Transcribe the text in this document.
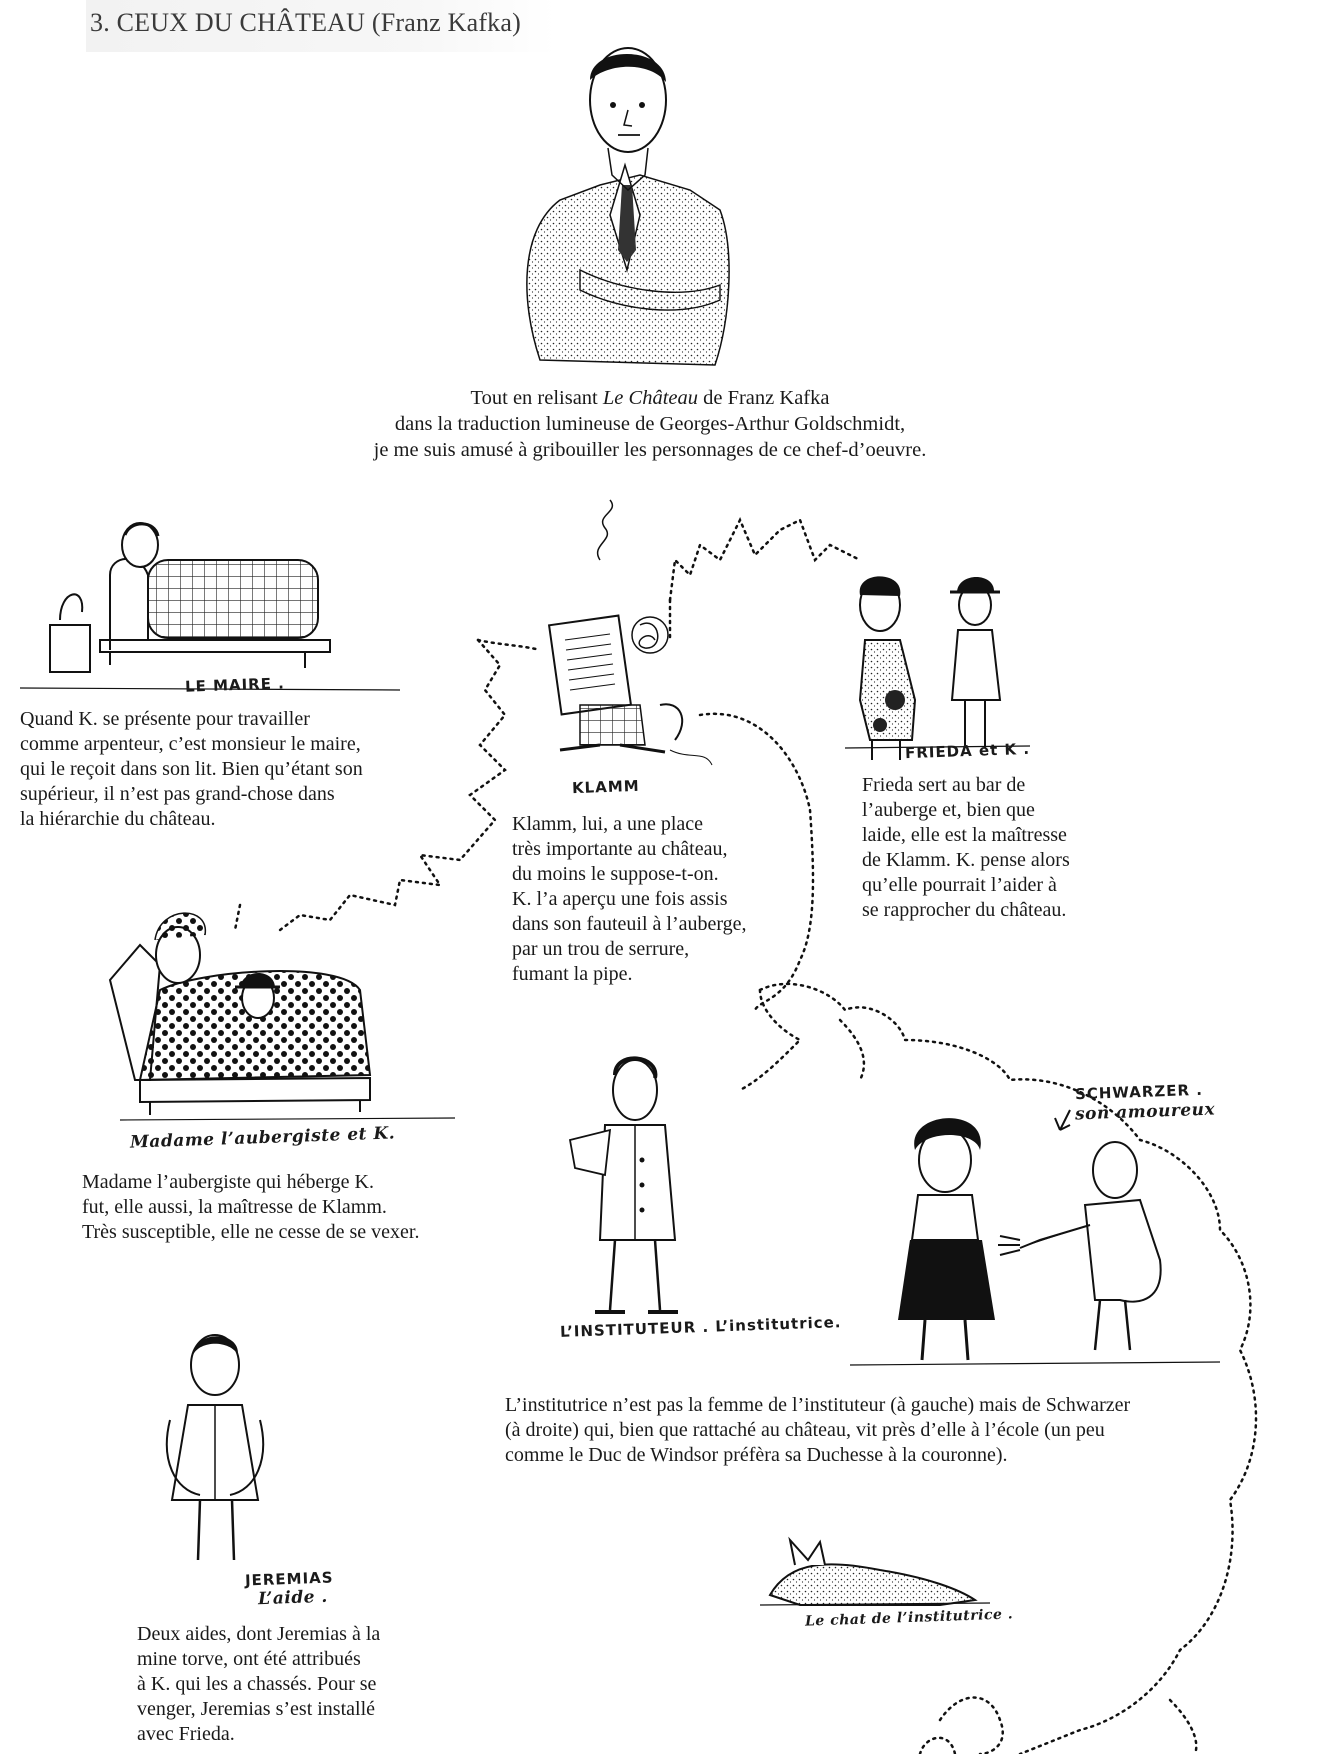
3. CEUX DU CHÂTEAU (Franz Kafka)

Tout en relisant Le Château de Franz Kafka

dans la traduction lumineuse de Georges-Arthur Goldschmidt,

je me suis amusé à gribouiller les personnages de ce chef-d’oeuvre.

LE MAIRE .
KLAMM
FRIEDA et K .
Madame l’aubergiste et K.
L’INSTITUTEUR . L’institutrice.
SCHWARZER .
son amoureux
JEREMIAS
L’aide .
Le chat de l’institutrice .

Quand K. se présente pour travailler

comme arpenteur, c’est monsieur le maire,

qui le reçoit dans son lit. Bien qu’étant son

supérieur, il n’est pas grand-chose dans

la hiérarchie du château.	Klamm, lui, a une place

très importante au château,

du moins le suppose-t-on.

K. l’a aperçu une fois assis

dans son fauteuil à l’auberge,

par un trou de serrure,

fumant la pipe.

Frieda sert au bar de

l’auberge et, bien que

laide, elle est la maîtresse

de Klamm. K. pense alors

qu’elle pourrait l’aider à

se rapprocher du château.

Madame l’aubergiste qui héberge K.

fut, elle aussi, la maîtresse de Klamm.

Très susceptible, elle ne cesse de se vexer.

L’institutrice n’est pas la femme de l’instituteur (à gauche) mais de Schwarzer

(à droite) qui, bien que rattaché au château, vit près d’elle à l’école (un peu

comme le Duc de Windsor préfèra sa Duchesse à la couronne).

Deux aides, dont Jeremias à la

mine torve, ont été attribués

à K. qui les a chassés. Pour se

venger, Jeremias s’est installé

avec Frieda.
